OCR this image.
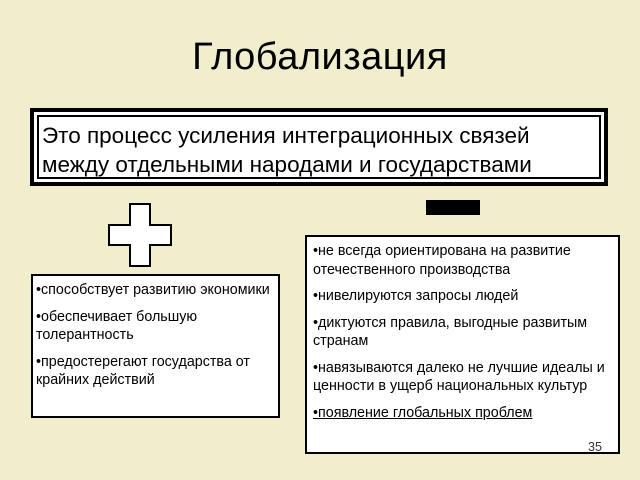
Глобализация
Это процесс усиления интеграционных связей между отдельными народами и государствами
• способствует развитию экономики
• обеспечивает большую толерантность
• предостерегают государства от крайних действий
• не всегда ориентирована на развитие отечественного производства
• нивелируются запросы людей
• диктуются правила, выгодные развитым странам
• навязываются далеко не лучшие идеалы и ценности в ущерб национальных культур
• появление глобальных проблем
35
